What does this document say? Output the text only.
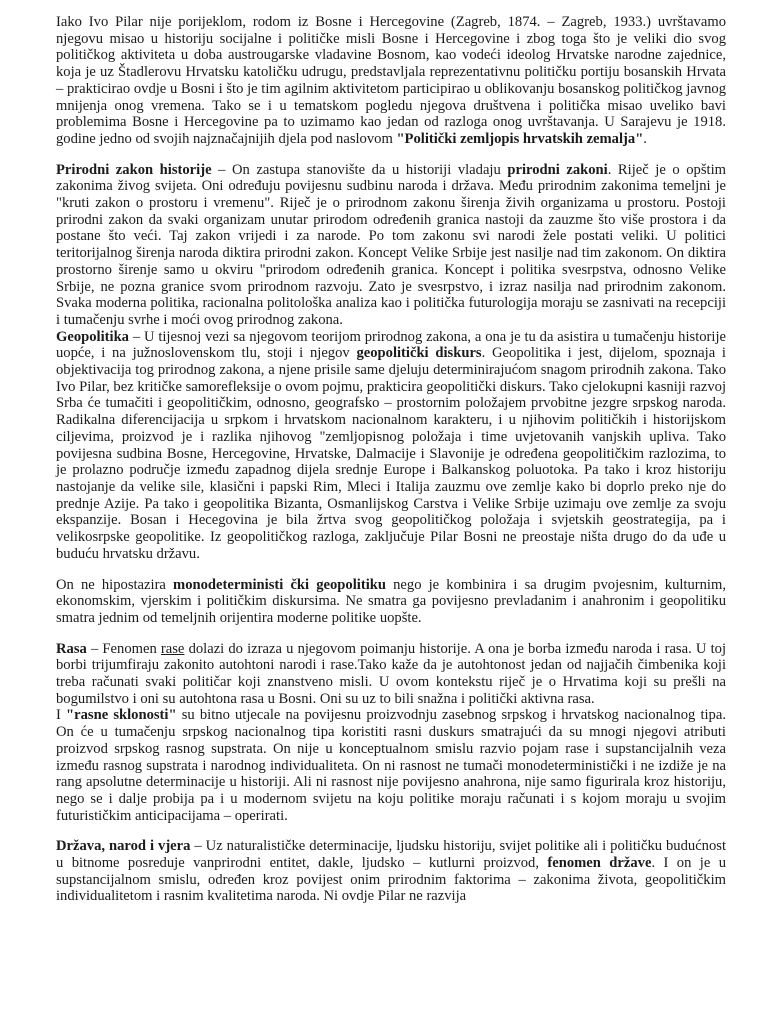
Iako Ivo Pilar nije porijeklom, rodom iz Bosne i Hercegovine (Zagreb, 1874. – Zagreb, 1933.) uvrštavamo njegovu misao u historiju socijalne i političke misli Bosne i Hercegovine i zbog toga što je veliki dio svog političkog aktiviteta u doba austrougarske vladavine Bosnom, kao vodeći ideolog Hrvatske narodne zajednice, koja je uz Štadlerovu Hrvatsku katoličku udrugu, predstavljala reprezentativnu političku portiju bosanskih Hrvata – prakticirao ovdje u Bosni i što je tim agilnim aktivitetom participirao u oblikovanju bosanskog političkog javnog mnijenja onog vremena. Tako se i u tematskom pogledu njegova društvena i politička misao uveliko bavi problemima Bosne i Hercegovine pa to uzimamo kao jedan od razloga onog uvrštavanja. U Sarajevu je 1918. godine jedno od svojih najznačajnijih djela pod naslovom "Politički zemljopis hrvatskih zemalja".

Prirodni zakon historije – On zastupa stanovište da u historiji vladaju prirodni zakoni. Riječ je o opštim zakonima živog svijeta. Oni određuju povijesnu sudbinu naroda i država. Među prirodnim zakonima temeljni je "kruti zakon o prostoru i vremenu". Riječ je o prirodnom zakonu širenja živih organizama u prostoru. Postoji prirodni zakon da svaki organizam unutar prirodom određenih granica nastoji da zauzme što više prostora i da postane što veći. Taj zakon vrijedi i za narode. Po tom zakonu svi narodi žele postati veliki. U politici teritorijalnog širenja naroda diktira prirodni zakon. Koncept Velike Srbije jest nasilje nad tim zakonom. On diktira prostorno širenje samo u okviru "prirodom određenih granica. Koncept i politika svesrpstva, odnosno Velike Srbije, ne pozna granice svom prirodnom razvoju. Zato je svesrpstvo, i izraz nasilja nad prirodnim zakonom. Svaka moderna politika, racionalna politološka analiza kao i politička futurologija moraju se zasnivati na recepciji i tumačenju svrhe i moći ovog prirodnog zakona.

Geopolitika – U tijesnoj vezi sa njegovom teorijom prirodnog zakona, a ona je tu da asistira u tumačenju historije uopće, i na južnoslovenskom tlu, stoji i njegov geopolitički diskurs. Geopolitika i jest, dijelom, spoznaja i objektivacija tog prirodnog zakona, a njene prisile same djeluju determinirajućom snagom prirodnih zakona. Tako Ivo Pilar, bez kritičke samorefleksije o ovom pojmu, prakticira geopolitički diskurs. Tako cjelokupni kasniji razvoj Srba će tumačiti i geopolitičkim, odnosno, geografsko – prostornim položajem prvobitne jezgre srpskog naroda. Radikalna diferencijacija u srpkom i hrvatskom nacionalnom karakteru, i u njihovim političkih i historijskom ciljevima, proizvod je i razlika njihovog "zemljopisnog položaja i time uvjetovanih vanjskih upliva. Tako povijesna sudbina Bosne, Hercegovine, Hrvatske, Dalmacije i Slavonije je određena geopolitičkim razlozima, to je prolazno područje između zapadnog dijela srednje Europe i Balkanskog poluotoka. Pa tako i kroz historiju nastojanje da velike sile, klasični i papski Rim, Mleci i Italija zauzmu ove zemlje kako bi doprlo preko nje do prednje Azije. Pa tako i geopolitika Bizanta, Osmanlijskog Carstva i Velike Srbije uzimaju ove zemlje za svoju ekspanzije. Bosan i Hecegovina je bila žrtva svog geopolitičkog položaja i svjetskih geostrategija, pa i velikosrpske geopolitike. Iz geopolitičkog razloga, zaključuje Pilar Bosni ne preostaje ništa drugo do da uđe u buduću hrvatsku državu.

On ne hipostazira monodeterministi čki geopolitiku nego je kombinira i sa drugim pvojesnim, kulturnim, ekonomskim, vjerskim i političkim diskursima. Ne smatra ga povijesno prevladanim i anahronim i geopolitiku smatra jednim od temeljnih orijentira moderne politike uopšte.

Rasa – Fenomen rase dolazi do izraza u njegovom poimanju historije. A ona je borba između naroda i rasa. U toj borbi trijumfiraju zakonito autohtoni narodi i rase.Tako kaže da je autohtonost jedan od najjačih čimbenika koji treba računati svaki političar koji znanstveno misli. U ovom kontekstu riječ je o Hrvatima koji su prešli na bogumilstvo i oni su autohtona rasa u Bosni. Oni su uz to bili snažna i politički aktivna rasa.

I "rasne sklonosti" su bitno utjecale na povijesnu proizvodnju zasebnog srpskog i hrvatskog nacionalnog tipa. On će u tumačenju srpskog nacionalnog tipa koristiti rasni duskurs smatrajući da su mnogi njegovi atributi proizvod srpskog rasnog supstrata. On nije u konceptualnom smislu razvio pojam rase i supstancijalnih veza između rasnog supstrata i narodnog individualiteta. On ni rasnost ne tumači monodeterministički i ne izdiže je na rang apsolutne determinacije u historiji. Ali ni rasnost nije povijesno anahrona, nije samo figurirala kroz historiju, nego se i dalje probija pa i u modernom svijetu na koju politike moraju računati i s kojom moraju u svojim futurističkim anticipacijama – operirati.

Država, narod i vjera – Uz naturalističke determinacije, ljudsku historiju, svijet politike ali i političku budućnost u bitnome posreduje vanprirodni entitet, dakle, ljudsko – kutlurni proizvod, fenomen države. I on je u supstancijalnom smislu, određen kroz povijest onim prirodnim faktorima – zakonima života, geopolitičkim individualitetom i rasnim kvalitetima naroda. Ni ovdje Pilar ne razvija
